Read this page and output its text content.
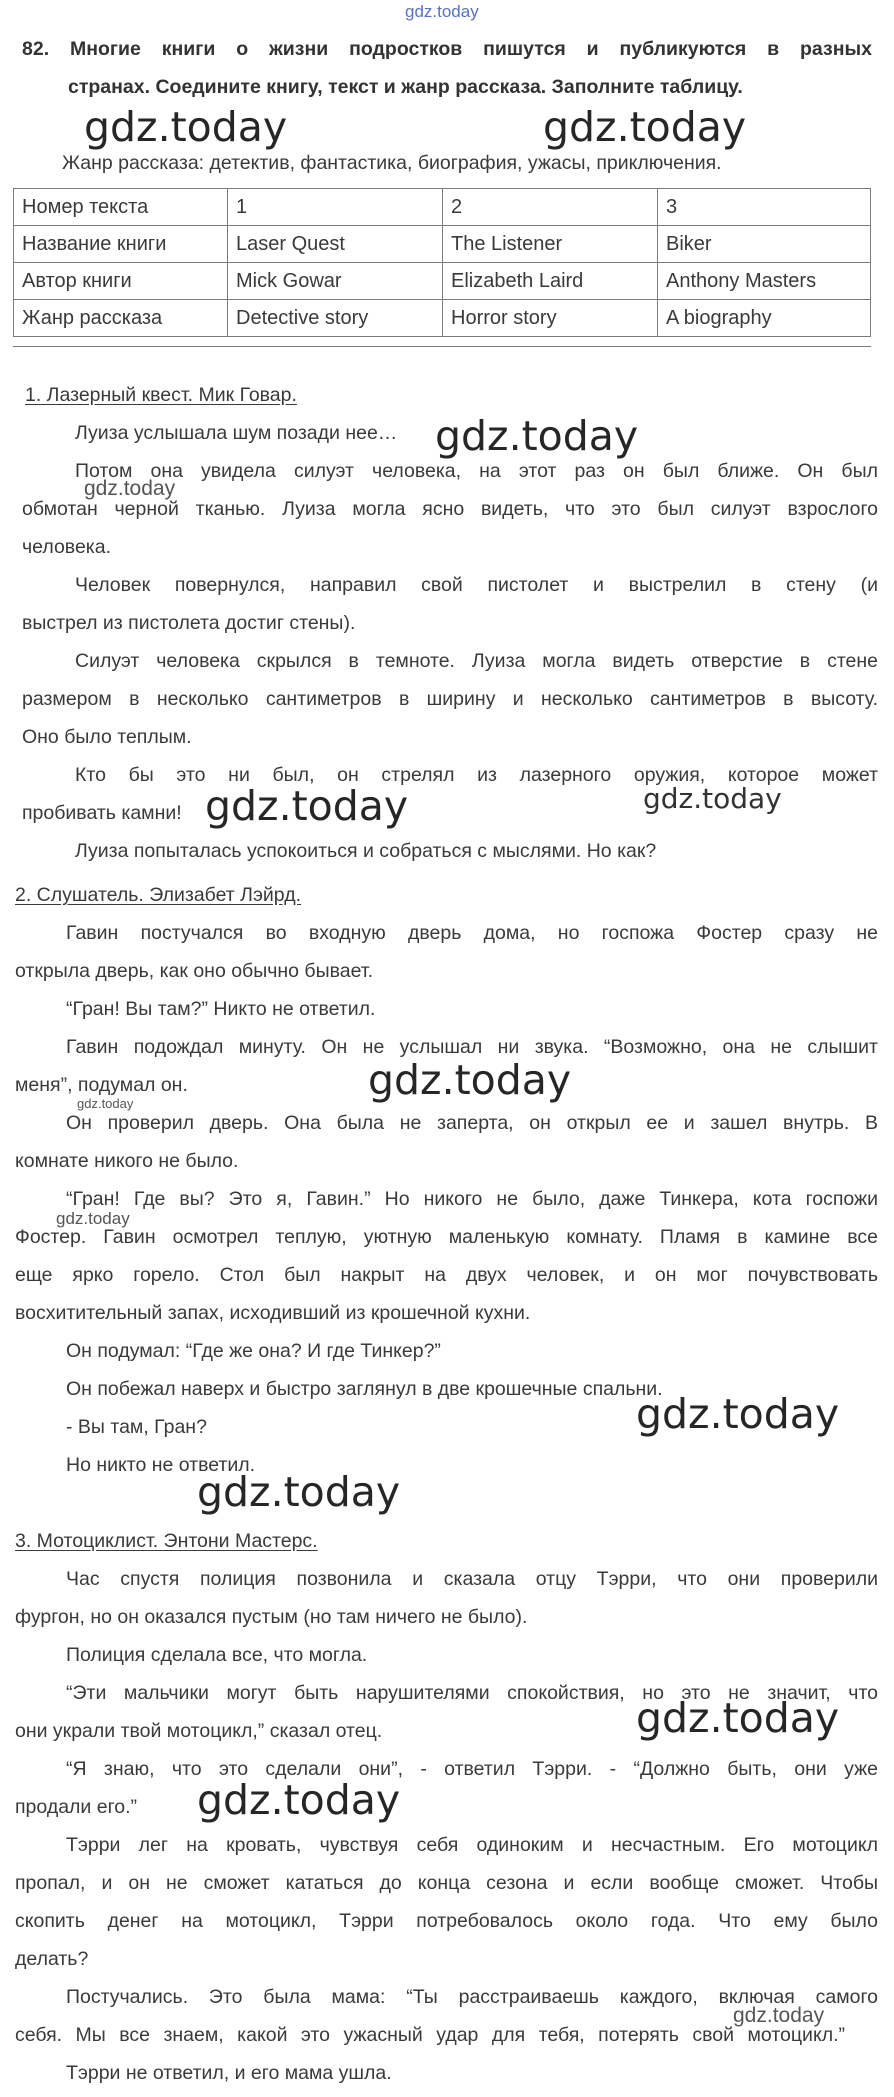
gdz.today
82. Многие книги о жизни подростков пишутся и публикуются в разных
странах. Соедините книгу, текст и жанр рассказа. Заполните таблицу.
gdz.today	gdz.today
Жанр рассказа: детектив, фантастика, биография, ужасы, приключения.
Номер текста	1	2	3
Название книги	Laser Quest	The Listener	Biker
Автор книги	Mick Gowar	Elizabeth Laird	Anthony Masters
Жанр рассказа	Detective story	Horror story	A biography
1. Лазерный квест. Мик Говар.
Луиза услышала шум позади нее…
Потом она увидела силуэт человека, на этот раз он был ближе. Он был
обмотан черной тканью. Луиза могла ясно видеть, что это был силуэт взрослого
человека.
Человек повернулся, направил свой пистолет и выстрелил в стену (и
выстрел из пистолета достиг стены).
Силуэт человека скрылся в темноте. Луиза могла видеть отверстие в стене
размером в несколько сантиметров в ширину и несколько сантиметров в высоту.
Оно было теплым.
Кто бы это ни был, он стрелял из лазерного оружия, которое может
пробивать камни!
Луиза попыталась успокоиться и собраться с мыслями. Но как?
2. Слушатель. Элизабет Лэйрд.
Гавин постучался во входную дверь дома, но госпожа Фостер сразу не
открыла дверь, как оно обычно бывает.
“Гран! Вы там?” Никто не ответил.
Гавин подождал минуту. Он не услышал ни звука. “Возможно, она не слышит
меня”, подумал он.
Он проверил дверь. Она была не заперта, он открыл ее и зашел внутрь. В
комнате никого не было.
“Гран! Где вы? Это я, Гавин.” Но никого не было, даже Тинкера, кота госпожи
Фостер. Гавин осмотрел теплую, уютную маленькую комнату. Пламя в камине все
еще ярко горело. Стол был накрыт на двух человек, и он мог почувствовать
восхитительный запах, исходивший из крошечной кухни.
Он подумал: “Где же она? И где Тинкер?”
Он побежал наверх и быстро заглянул в две крошечные спальни.
- Вы там, Гран?
Но никто не ответил.
3. Мотоциклист. Энтони Мастерс.
Час спустя полиция позвонила и сказала отцу Тэрри, что они проверили
фургон, но он оказался пустым (но там ничего не было).
Полиция сделала все, что могла.
“Эти мальчики могут быть нарушителями спокойствия, но это не значит, что
они украли твой мотоцикл,” сказал отец.
“Я знаю, что это сделали они”, - ответил Тэрри. - “Должно быть, они уже
продали его.”
Тэрри лег на кровать, чувствуя себя одиноким и несчастным. Его мотоцикл
пропал, и он не сможет кататься до конца сезона и если вообще сможет. Чтобы
скопить денег на мотоцикл, Тэрри потребовалось около года. Что ему было
делать?
Постучались. Это была мама: “Ты расстраиваешь каждого, включая самого
себя. Мы все знаем, какой это ужасный удар для тебя, потерять свой мотоцикл.”
Тэрри не ответил, и его мама ушла.
gdz.today
gdz.today
gdz.today	gdz.today
gdz.today
gdz.today
gdz.today
gdz.today
gdz.today
gdz.today
gdz.today
gdz.today
